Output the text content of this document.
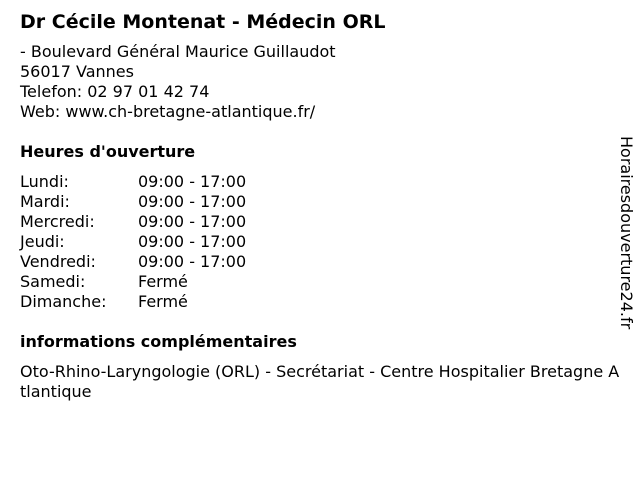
Dr Cécile Montenat - Médecin ORL
- Boulevard Général Maurice Guillaudot
56017 Vannes
Telefon: 02 97 01 42 74
Web: www.ch-bretagne-atlantique.fr/
Heures d'ouverture
Lundi:	09:00 - 17:00
Mardi:	09:00 - 17:00
Mercredi:	09:00 - 17:00
Jeudi:	09:00 - 17:00
Vendredi:	09:00 - 17:00
Samedi:	Fermé
Dimanche:	Fermé
informations complémentaires
Oto-Rhino-Laryngologie (ORL) - Secrétariat - Centre Hospitalier Bretagne Atlantique
Horairesdouverture24.fr
